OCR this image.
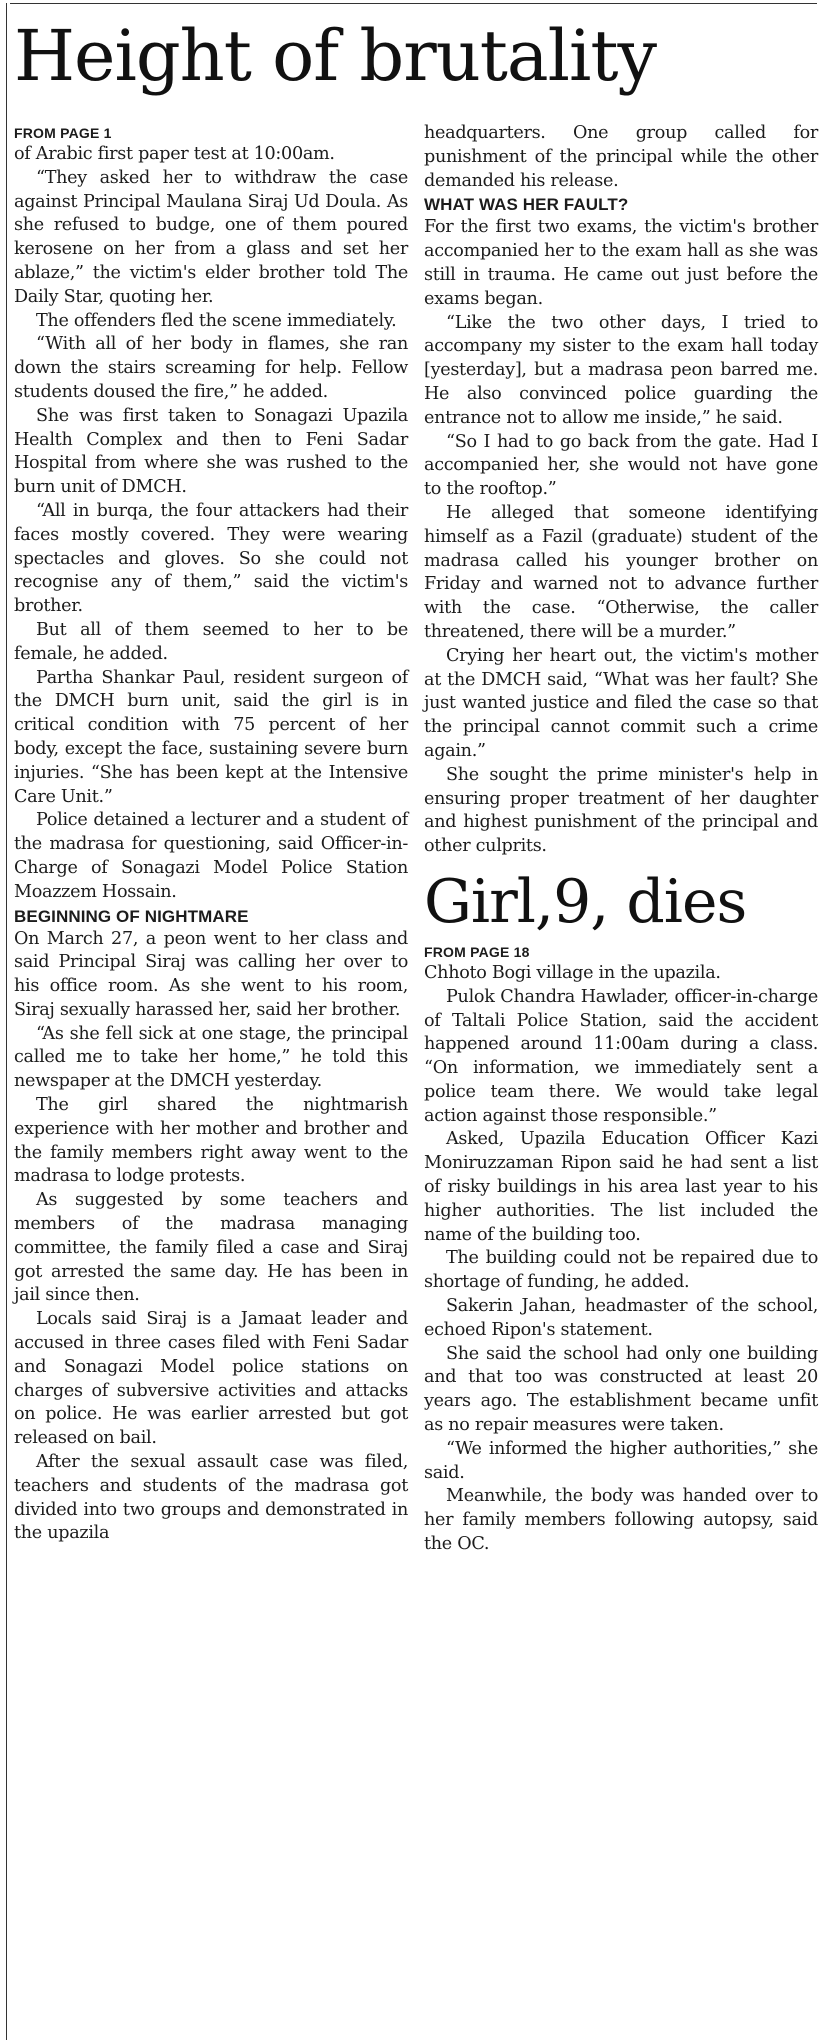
Height of brutality

FROM PAGE 1

of Arabic first paper test at 10:00am.

“They asked her to withdraw the case against Principal Maulana Siraj Ud Doula. As she refused to budge, one of them poured kerosene on her from a glass and set her ablaze,” the victim's elder brother told The Daily Star, quoting her.

The offenders fled the scene immediately.

“With all of her body in flames, she ran down the stairs screaming for help. Fellow students doused the fire,” he added.

She was first taken to Sonagazi Upazila Health Complex and then to Feni Sadar Hospital from where she was rushed to the burn unit of DMCH.

“All in burqa, the four attackers had their faces mostly covered. They were wearing spectacles and gloves. So she could not recognise any of them,” said the victim's brother.

But all of them seemed to her to be female, he added.

Partha Shankar Paul, resident surgeon of the DMCH burn unit, said the girl is in critical condition with 75 percent of her body, except the face, sustaining severe burn injuries. “She has been kept at the Intensive Care Unit.”

Police detained a lecturer and a student of the madrasa for questioning, said Officer-in-Charge of Sonagazi Model Police Station Moazzem Hossain.

BEGINNING OF NIGHTMARE

On March 27, a peon went to her class and said Principal Siraj was calling her over to his office room. As she went to his room, Siraj sexually harassed her, said her brother.

“As she fell sick at one stage, the principal called me to take her home,” he told this newspaper at the DMCH yesterday.

The girl shared the nightmarish experience with her mother and brother and the family members right away went to the madrasa to lodge protests.

As suggested by some teachers and members of the madrasa managing committee, the family filed a case and Siraj got arrested the same day. He has been in jail since then.

Locals said Siraj is a Jamaat leader and accused in three cases filed with Feni Sadar and Sonagazi Model police stations on charges of subversive activities and attacks on police. He was earlier arrested but got released on bail.

After the sexual assault case was filed, teachers and students of the madrasa got divided into two groups and demonstrated in the upazila

headquarters. One group called for punishment of the principal while the other demanded his release.

WHAT WAS HER FAULT?

For the first two exams, the victim's brother accompanied her to the exam hall as she was still in trauma. He came out just before the exams began.

“Like the two other days, I tried to accompany my sister to the exam hall today [yesterday], but a madrasa peon barred me. He also convinced police guarding the entrance not to allow me inside,” he said.

“So I had to go back from the gate. Had I accompanied her, she would not have gone to the rooftop.”

He alleged that someone identifying himself as a Fazil (graduate) student of the madrasa called his younger brother on Friday and warned not to advance further with the case. “Otherwise, the caller threatened, there will be a murder.”

Crying her heart out, the victim's mother at the DMCH said, “What was her fault? She just wanted justice and filed the case so that the principal cannot commit such a crime again.”

She sought the prime minister's help in ensuring proper treatment of her daughter and highest punishment of the principal and other culprits.

Girl,9, dies

FROM PAGE 18

Chhoto Bogi village in the upazila.

Pulok Chandra Hawlader, officer-in-charge of Taltali Police Station, said the accident happened around 11:00am during a class. “On information, we immediately sent a police team there. We would take legal action against those responsible.”

Asked, Upazila Education Officer Kazi Moniruzzaman Ripon said he had sent a list of risky buildings in his area last year to his higher authorities. The list included the name of the building too.

The building could not be repaired due to shortage of funding, he added.

Sakerin Jahan, headmaster of the school, echoed Ripon's statement.

She said the school had only one building and that too was constructed at least 20 years ago. The establishment became unfit as no repair measures were taken.

“We informed the higher authorities,” she said.

Meanwhile, the body was handed over to her family members following autopsy, said the OC.
